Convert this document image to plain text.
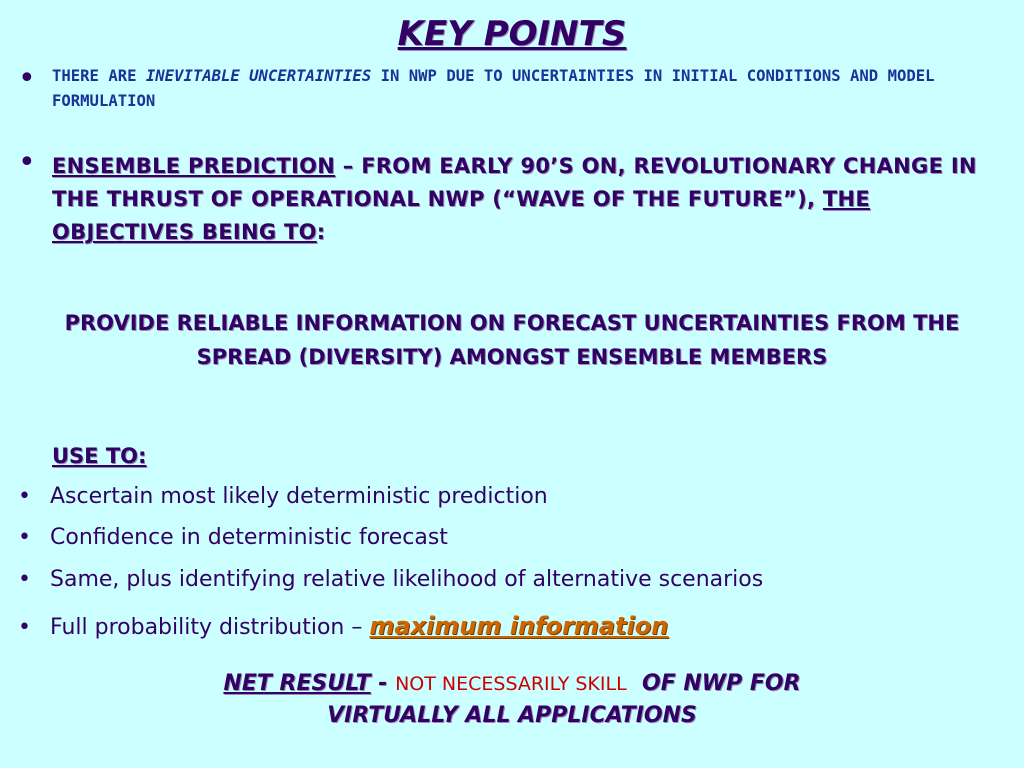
KEY POINTS
• THERE ARE INEVITABLE UNCERTAINTIES IN NWP DUE TO UNCERTAINTIES IN INITIAL CONDITIONS AND MODEL FORMULATION
• ENSEMBLE PREDICTION – FROM EARLY 90’S ON, REVOLUTIONARY CHANGE IN THE THRUST OF OPERATIONAL NWP (“WAVE OF THE FUTURE”), THE OBJECTIVES BEING TO:
PROVIDE RELIABLE INFORMATION ON FORECAST UNCERTAINTIES FROM THE SPREAD (DIVERSITY) AMONGST ENSEMBLE MEMBERS
USE TO:
• Ascertain most likely deterministic prediction
• Confidence in deterministic forecast
• Same, plus identifying relative likelihood of alternative scenarios
• Full probability distribution – maximum information
NET RESULT - NOT NECESSARILY SKILL OF NWP FOR
VIRTUALLY ALL APPLICATIONS
